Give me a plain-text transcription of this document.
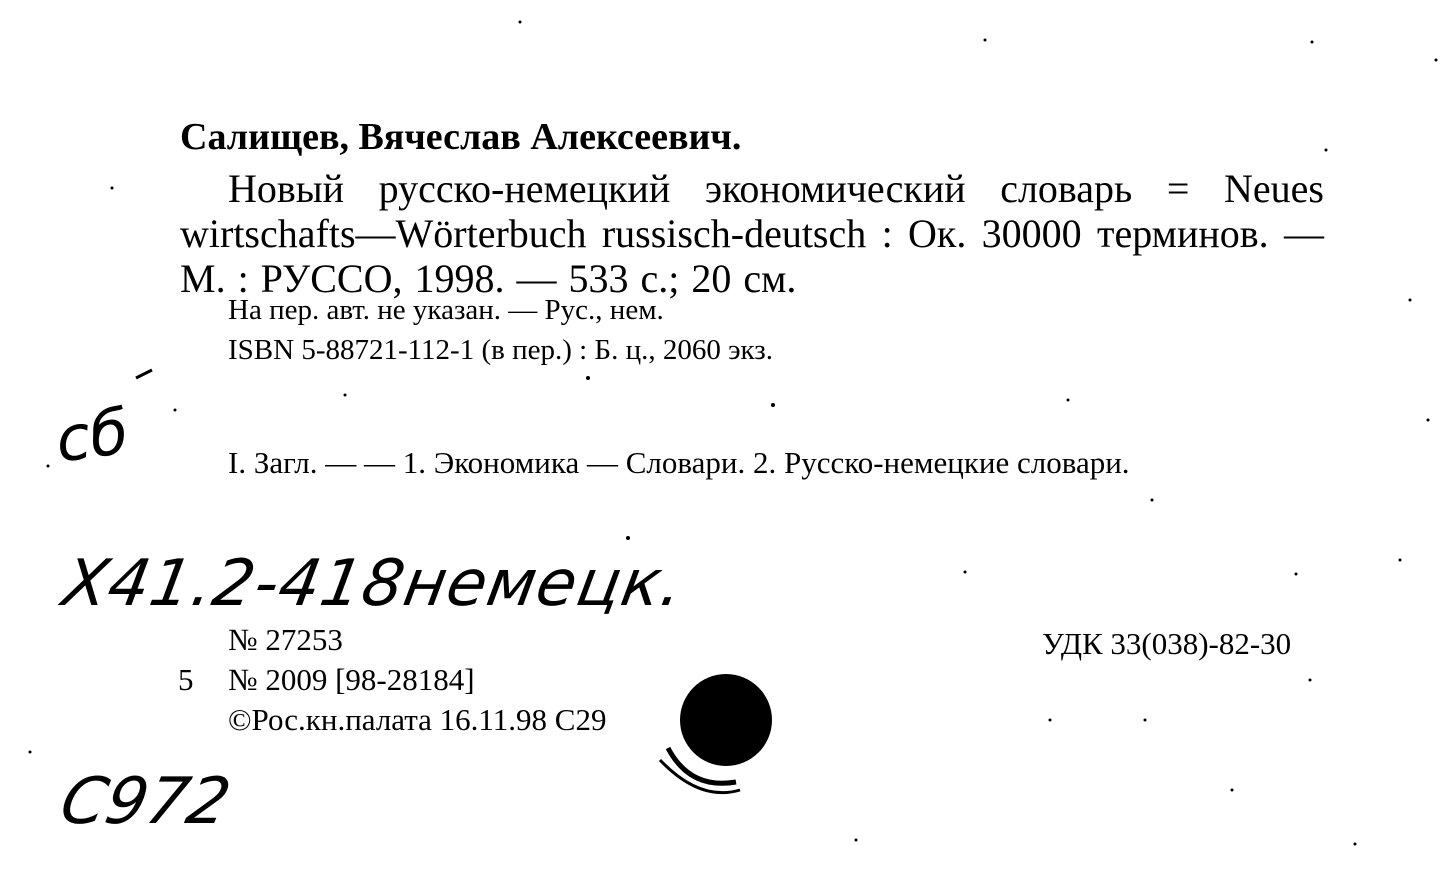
Салищев, Вячеслав Алексеевич.
Новый русско-немецкий экономический словарь = Neues wirtschafts—Wörterbuch russisch-deutsch : Ок. 30000 терминов. — М. : РУССО, 1998. — 533 с.; 20 см.
На пер. авт. не указан. — Рус., нем.
ISBN 5-88721-112-1 (в пер.) : Б. ц., 2060 экз.
I. Загл. — — 1. Экономика — Словари. 2. Русско-немецкие словари.
№ 27253	УДК 33(038)-82-30
5 № 2009 [98-28184]
©Рос.кн.палата 16.11.98 С29
сб
Х41.2-418немецк.
С972
